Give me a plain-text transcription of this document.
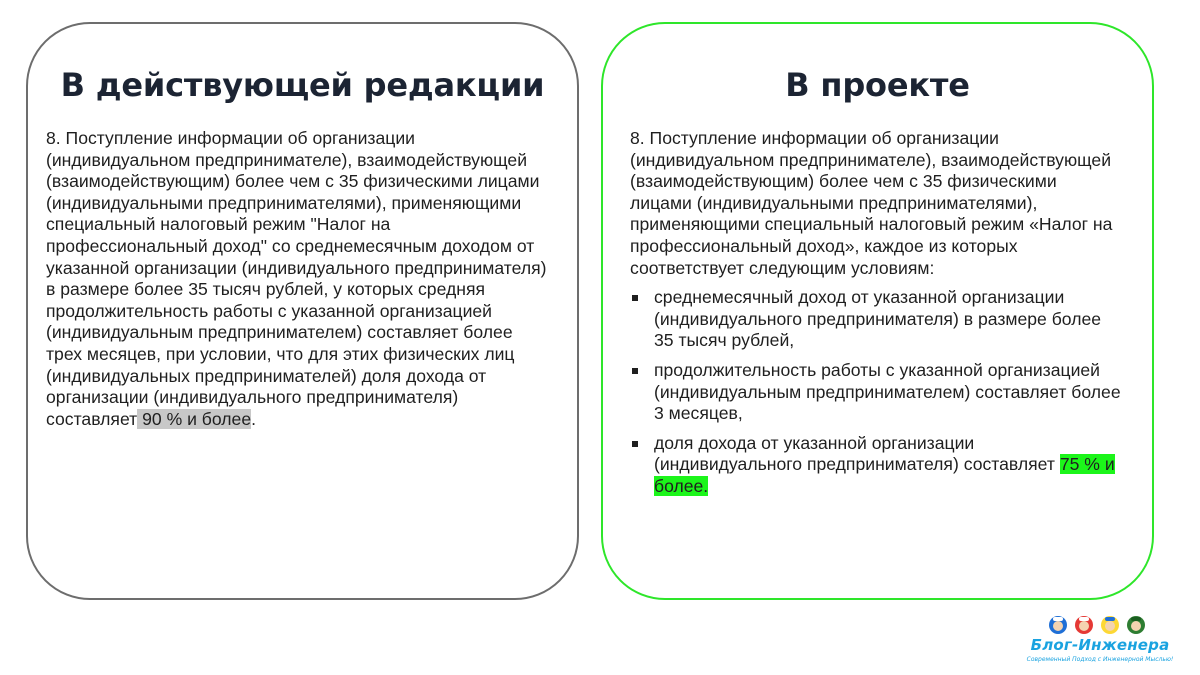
В действующей редакции

8. Поступление информации об организации (индивидуальном предпринимателе), взаимодействующей (взаимодействующим) более чем с 35 физическими лицами (индивидуальными предпринимателями), применяющими специальный налоговый режим "Налог на профессиональный доход" со среднемесячным доходом от указанной организации (индивидуального предпринимателя) в размере более 35 тысяч рублей, у которых средняя продолжительность работы с указанной организацией (индивидуальным предпринимателем) составляет более трех месяцев, при условии, что для этих физических лиц (индивидуальных предпринимателей) доля дохода от организации (индивидуального предпринимателя) составляет 90 % и более.

В проекте

8. Поступление информации об организации (индивидуальном предпринимателе), взаимодействующей (взаимодействующим) более чем с 35 физическими лицами (индивидуальными предпринимателями), применяющими специальный налоговый режим «Налог на профессиональный доход», каждое из которых соответствует следующим условиям:

среднемесячный доход от указанной организации (индивидуального предпринимателя) в размере более 35 тысяч рублей,
продолжительность работы с указанной организацией (индивидуальным предпринимателем) составляет более 3 месяцев,
доля дохода от указанной организации (индивидуального предпринимателя) составляет 75 % и более.
Блог-Инженера
Современный Подход с Инженерной Мыслью!
